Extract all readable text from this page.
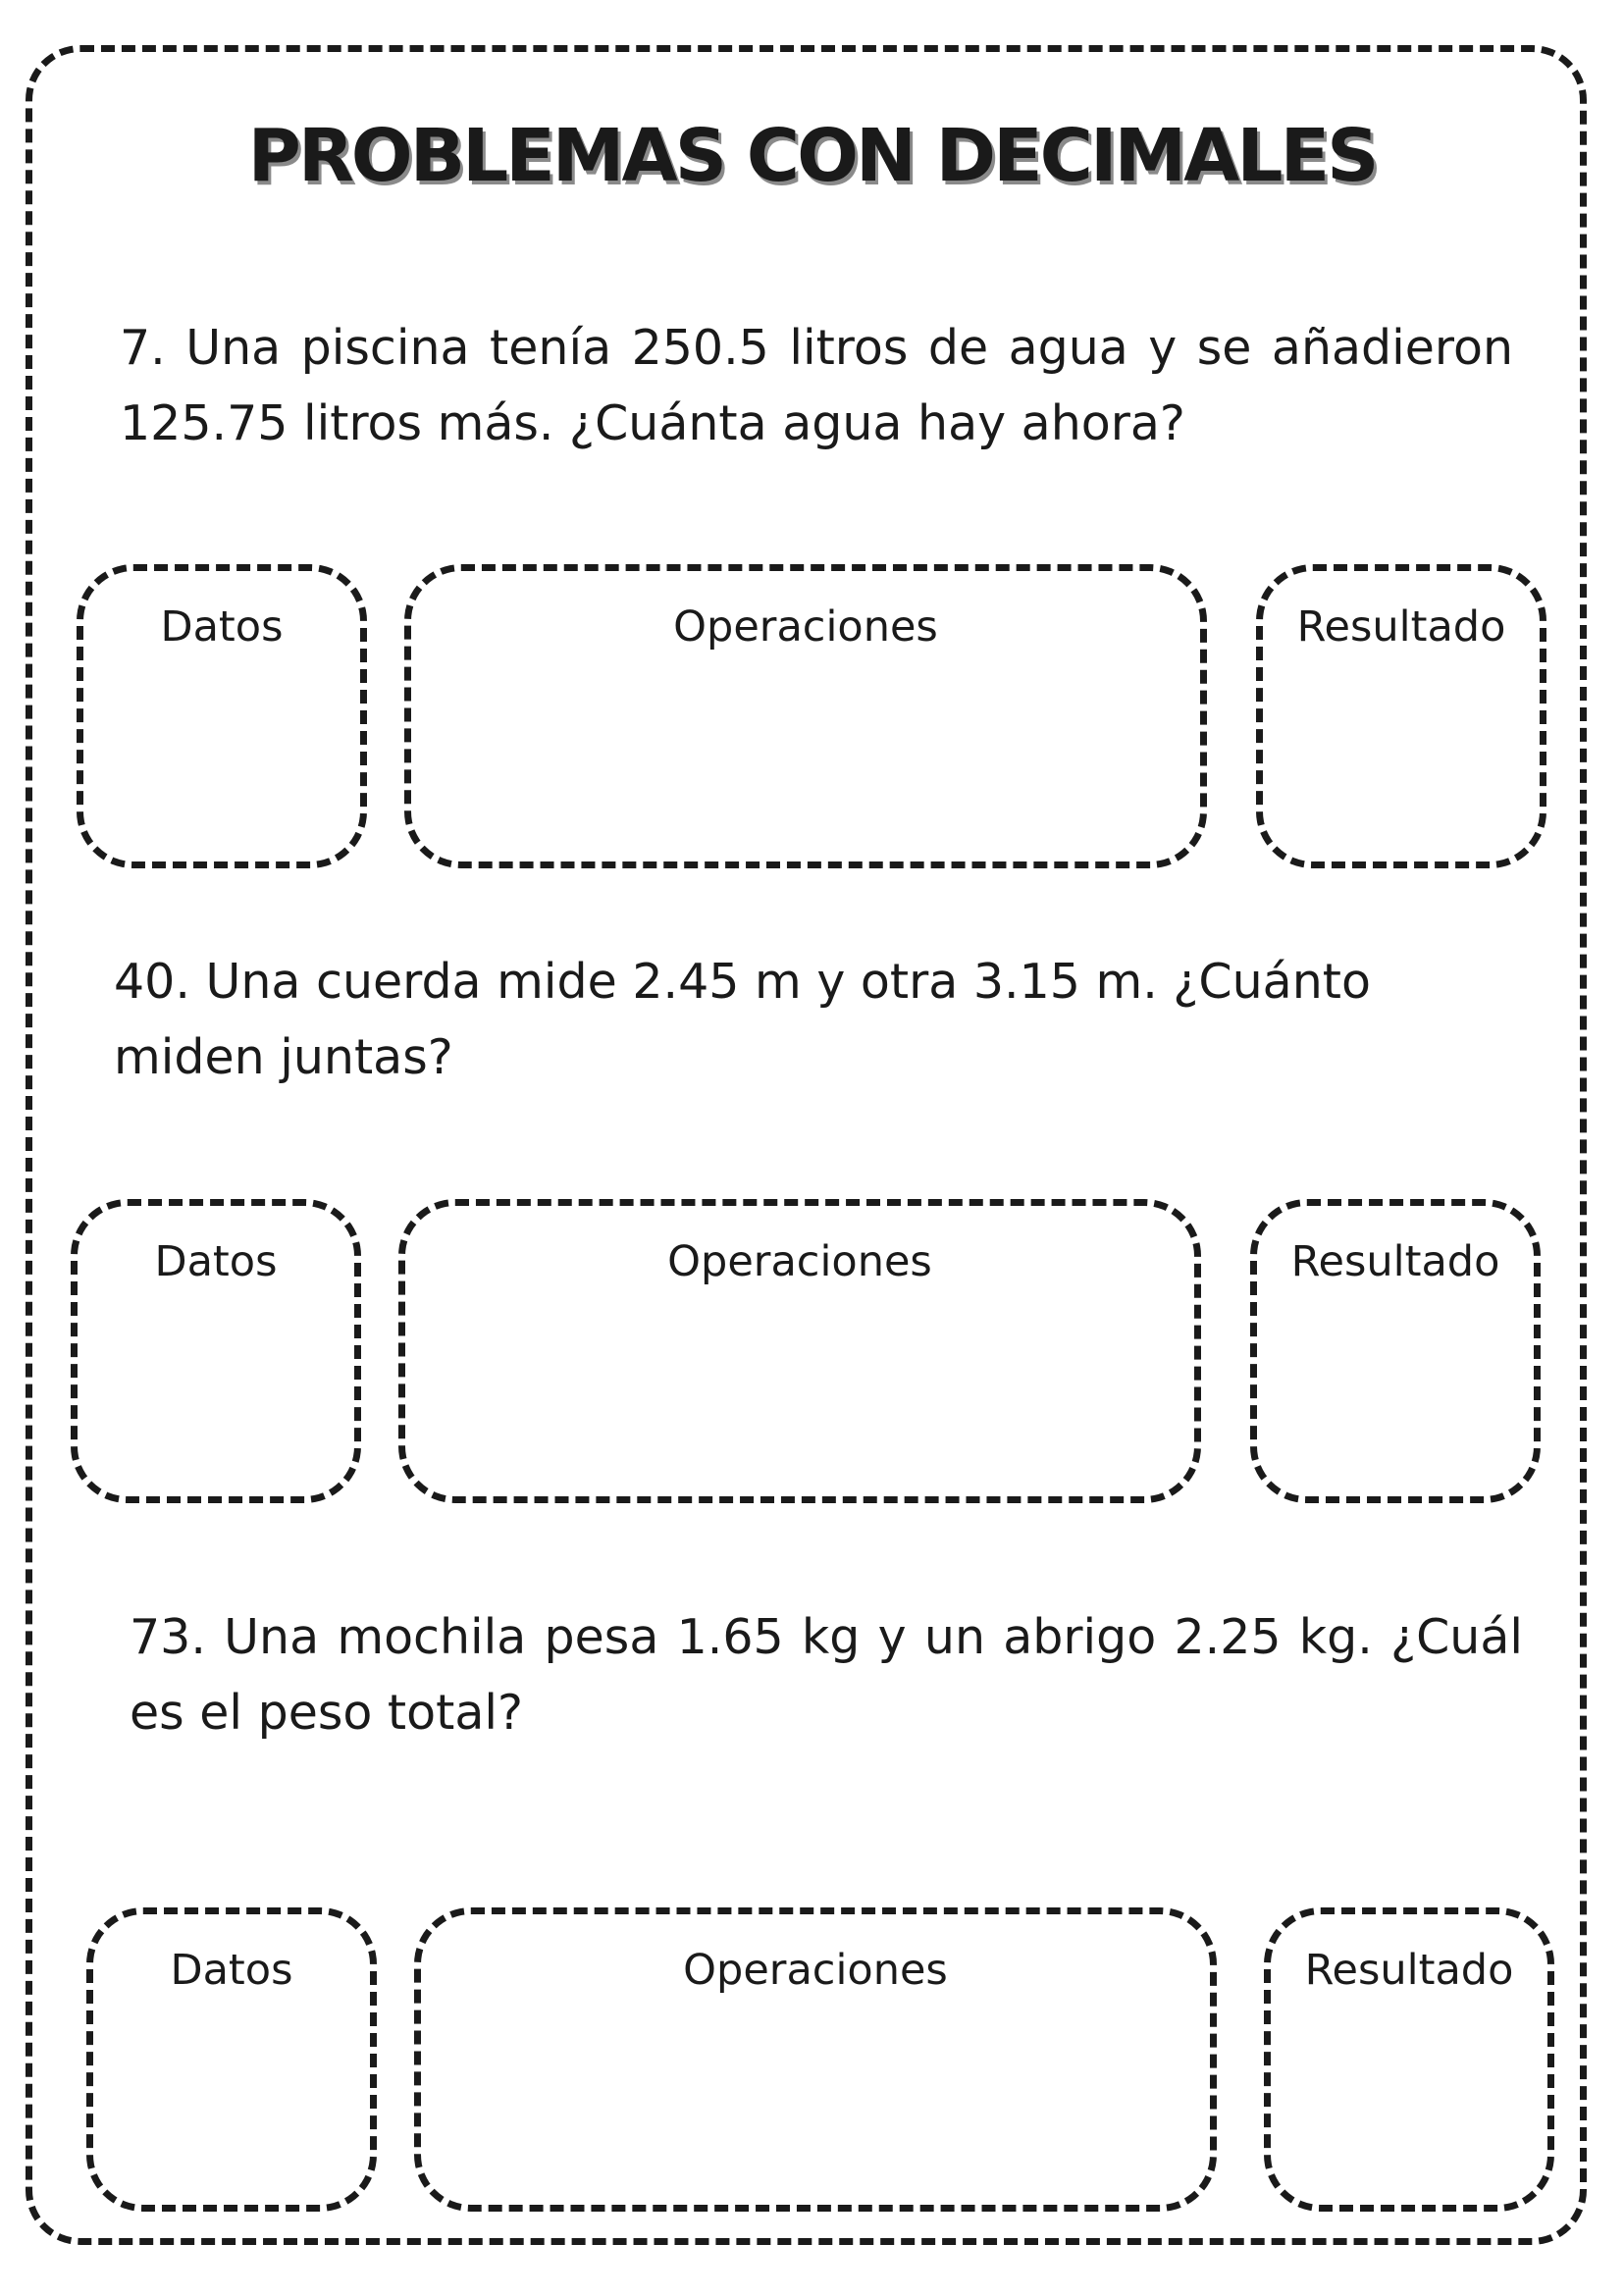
PROBLEMAS CON DECIMALES

7. Una piscina tenía 250.5 litros de agua y se añadieron 125.75 litros más. ¿Cuánta agua hay ahora?

Datos	Operaciones	Resultado

40. Una cuerda mide 2.45 m y otra 3.15 m. ¿Cuánto miden juntas?

Datos	Operaciones	Resultado

73. Una mochila pesa 1.65 kg y un abrigo 2.25 kg. ¿Cuál es el peso total?

Datos	Operaciones	Resultado
